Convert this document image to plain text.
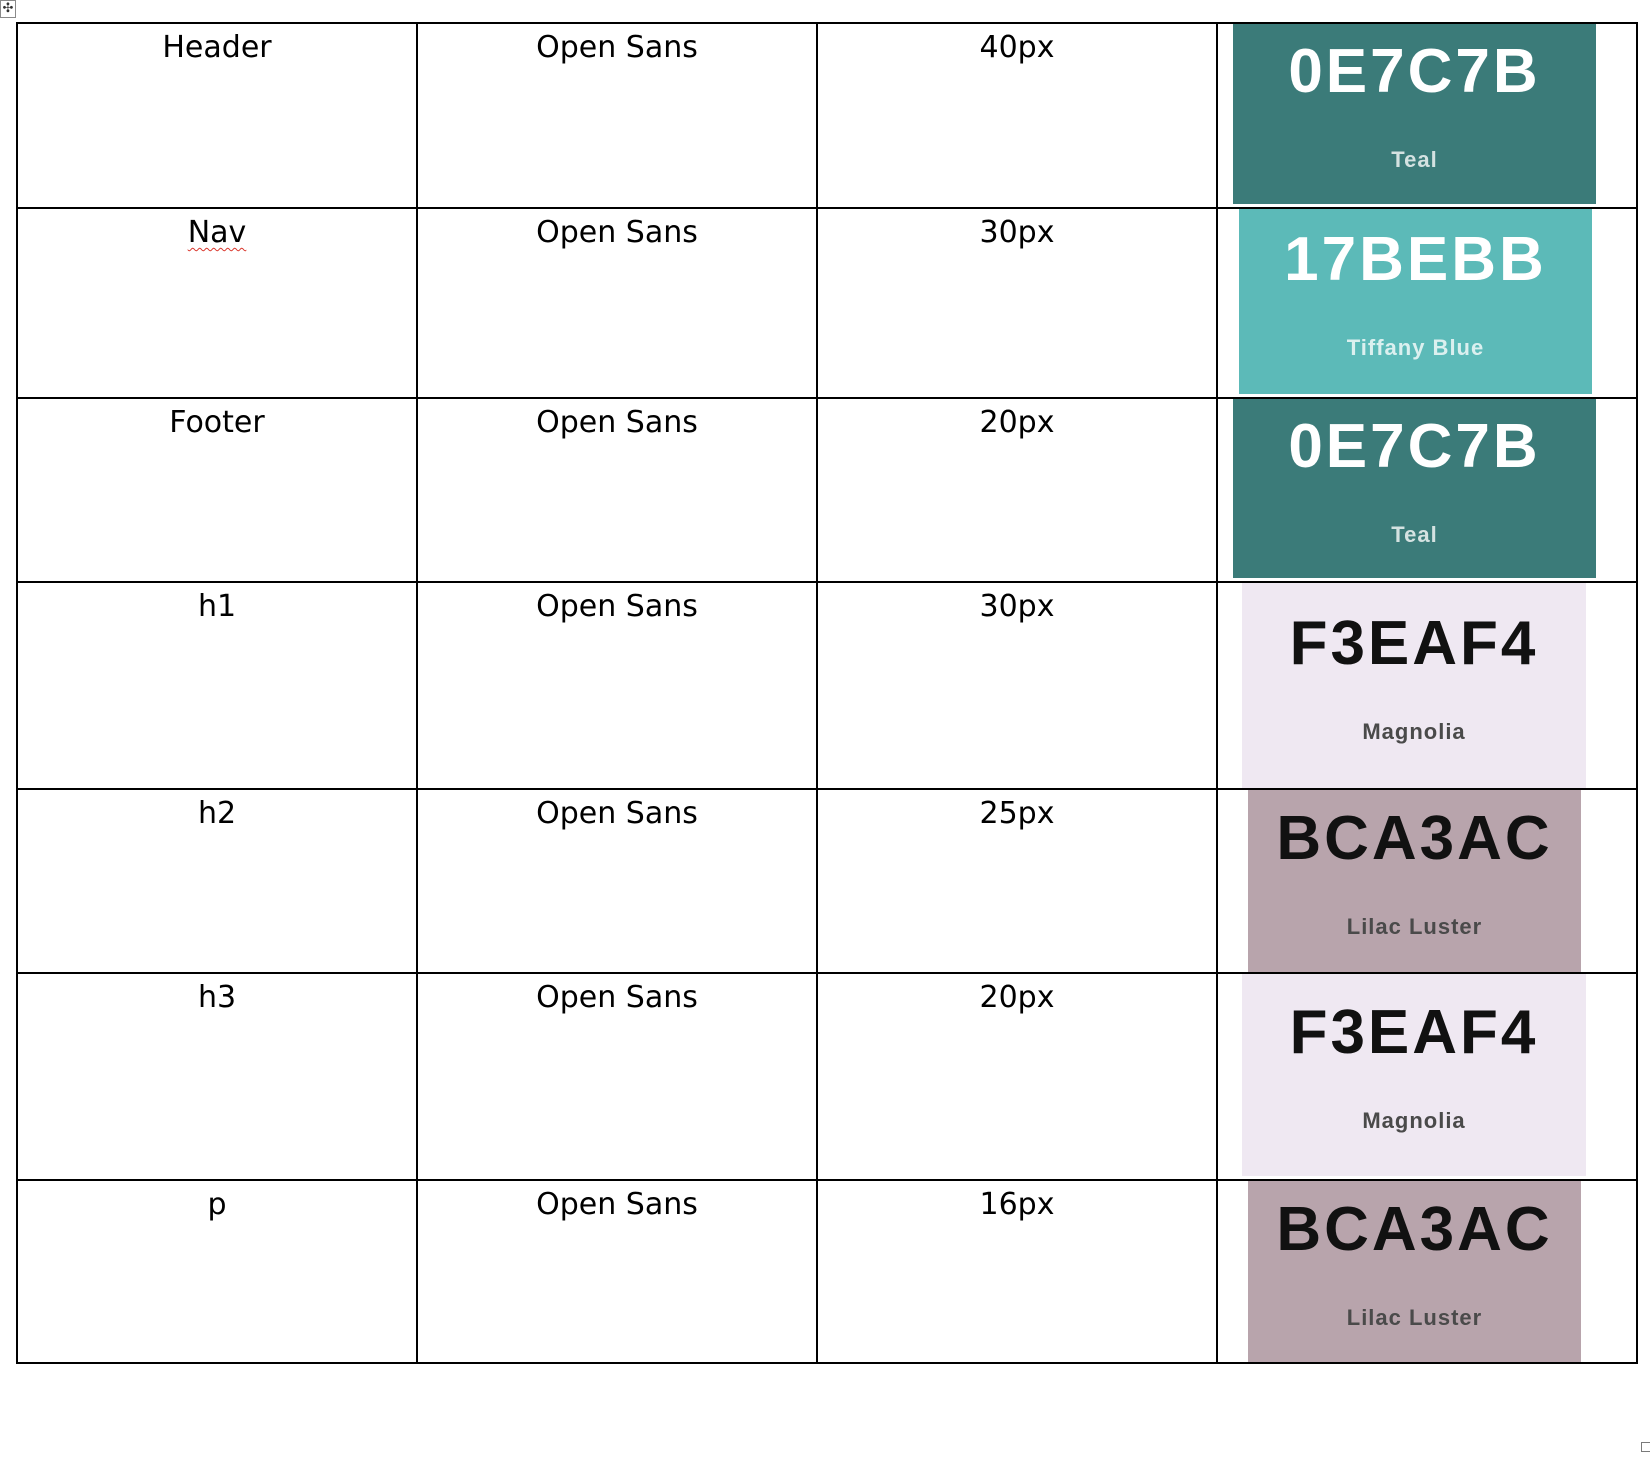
✣
Header	Open Sans	40px	0E7C7B
Teal

Nav	Open Sans	30px	17BEBB
Tiffany Blue

Footer	Open Sans	20px	0E7C7B
Teal

h1	Open Sans	30px	F3EAF4
Magnolia

h2	Open Sans	25px	BCA3AC
Lilac Luster

h3	Open Sans	20px	F3EAF4
Magnolia

p	Open Sans	16px	BCA3AC
Lilac Luster
